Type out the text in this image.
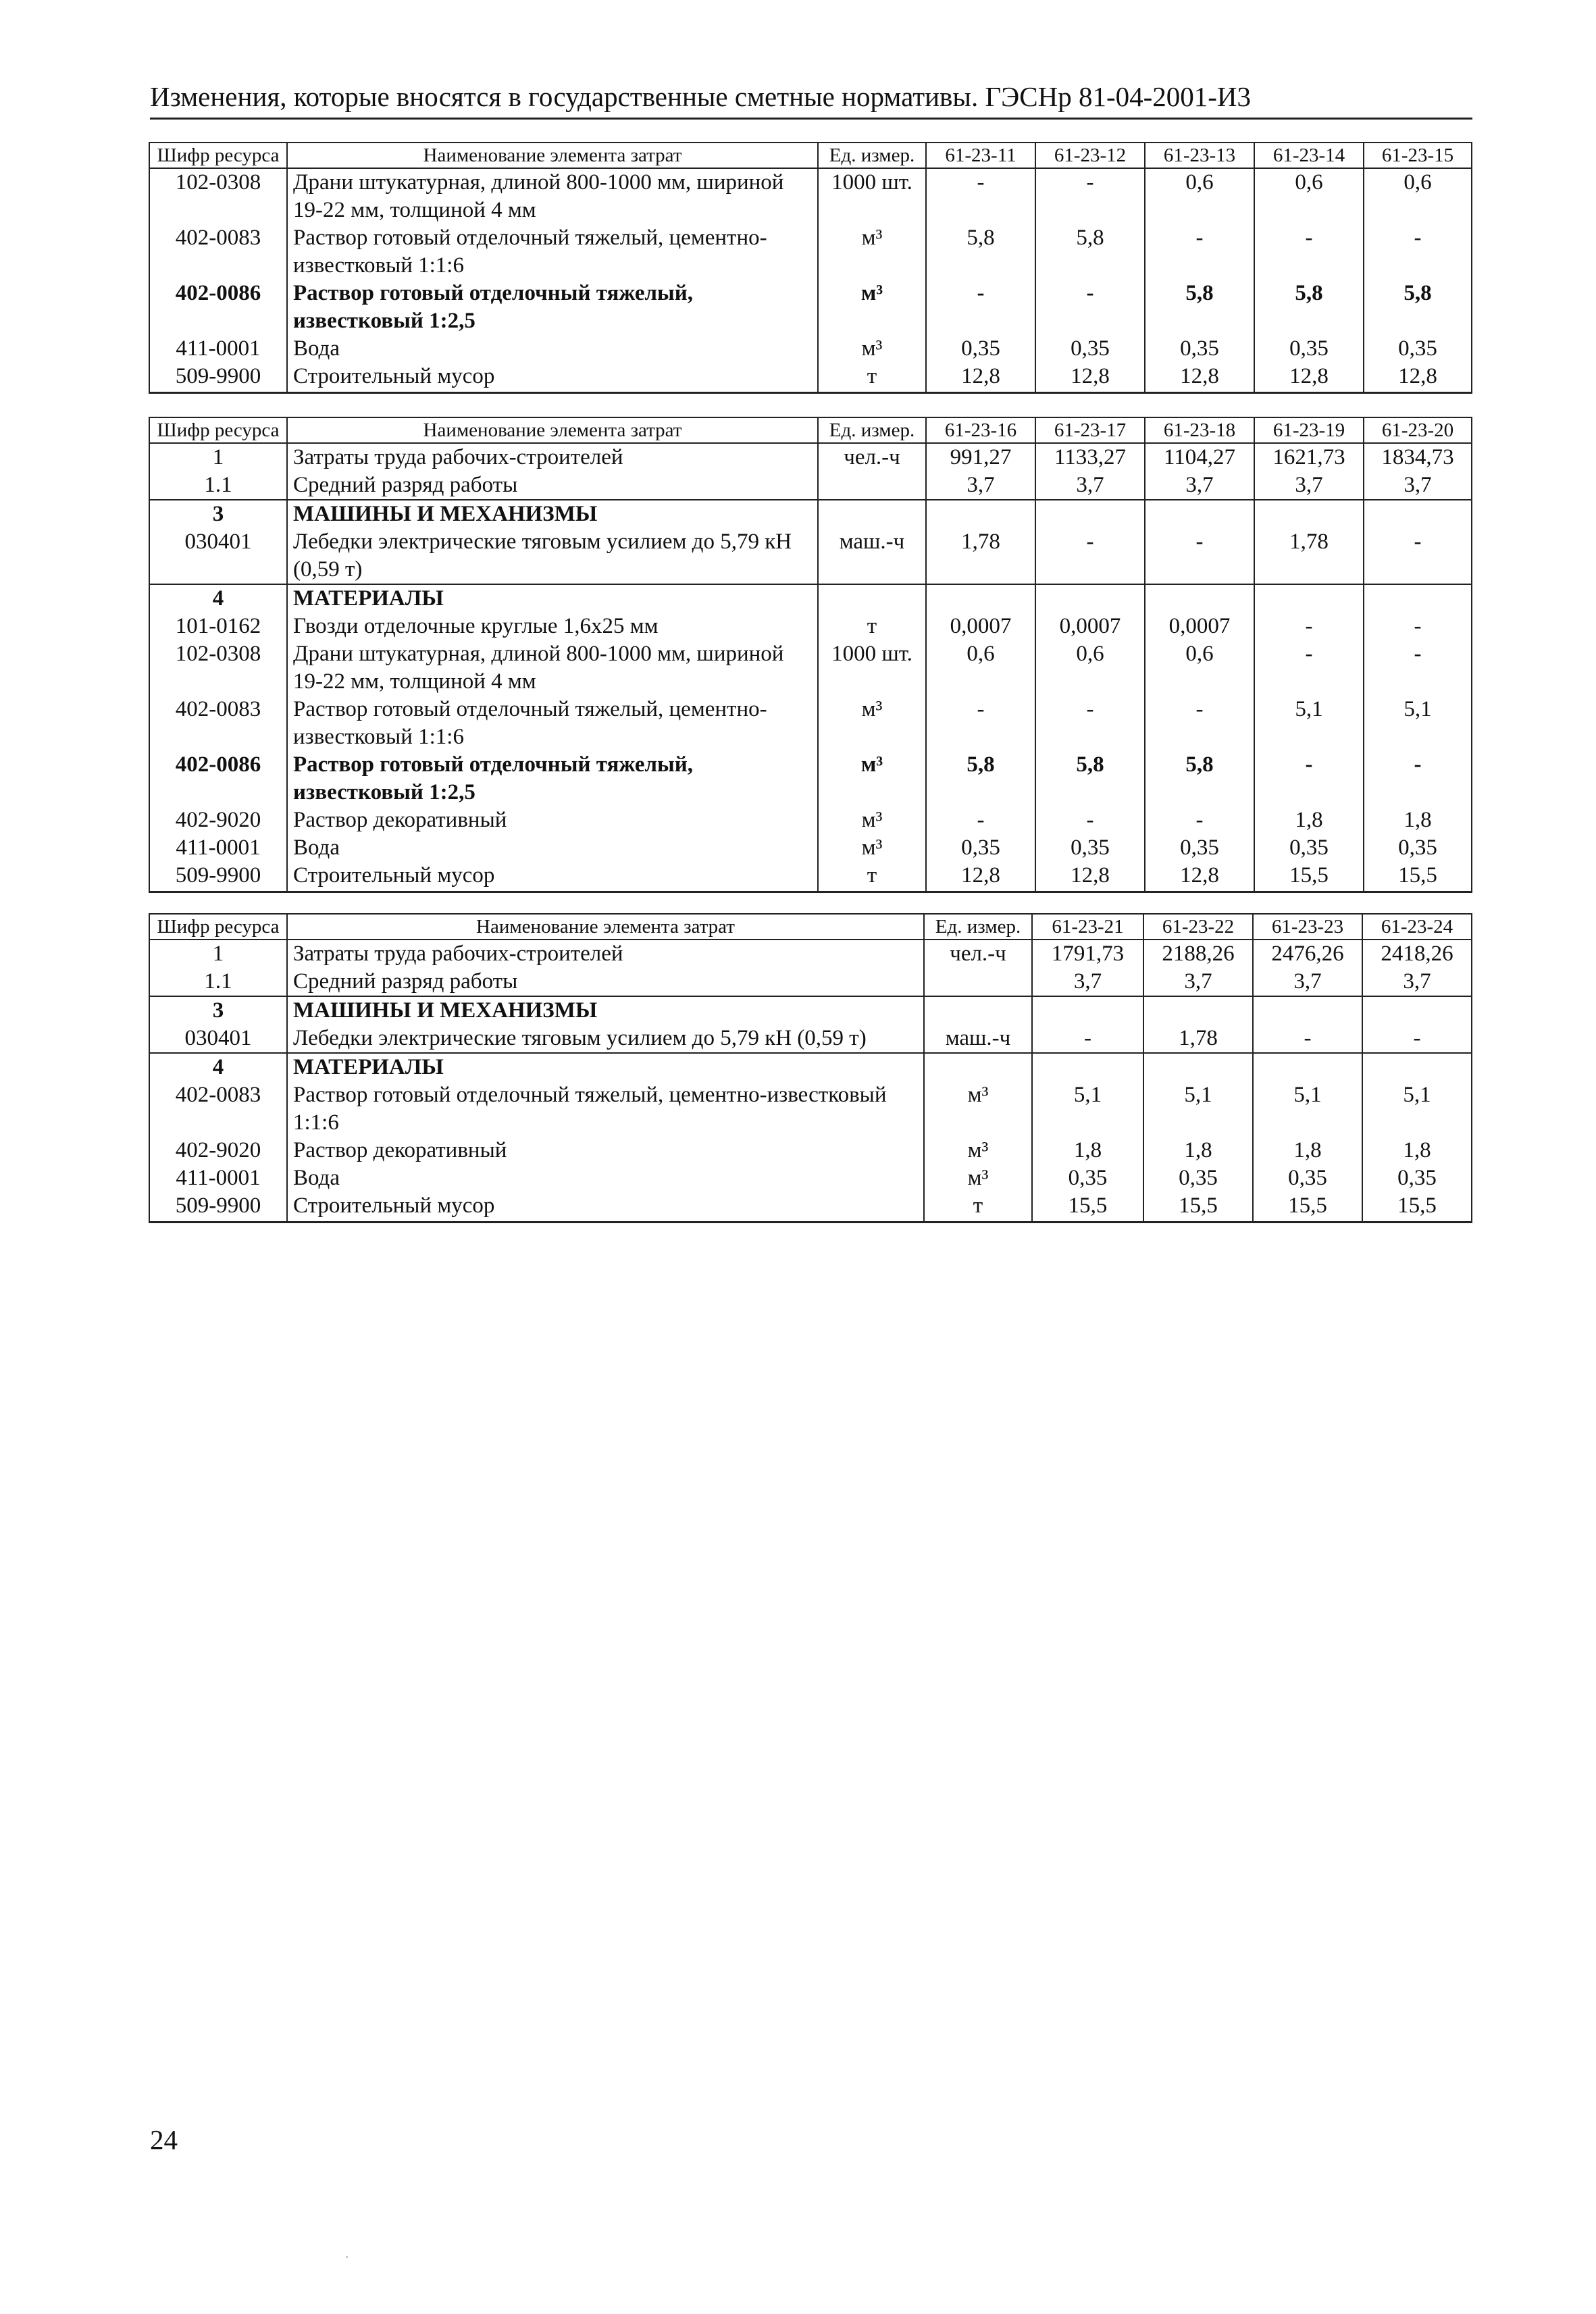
Изменения, которые вносятся в государственные сметные нормативы. ГЭСНр 81-04-2001-И3
Шифр ресурса	Наименование элемента затрат	Ед. измер.	61-23-11	61-23-12	61-23-13	61-23-14	61-23-15
102-0308	Драни штукатурная, длиной 800-1000 мм, шириной 19-22 мм, толщиной 4 мм	1000 шт.	-	-	0,6	0,6	0,6
402-0083	Раствор готовый отделочный тяжелый, цементно-известковый 1:1:6	м³	5,8	5,8	-	-	-
402-0086	Раствор готовый отделочный тяжелый, известковый 1:2,5	м³	-	-	5,8	5,8	5,8
411-0001	Вода	м³	0,35	0,35	0,35	0,35	0,35
509-9900	Строительный мусор	т	12,8	12,8	12,8	12,8	12,8
Шифр ресурса	Наименование элемента затрат	Ед. измер.	61-23-16	61-23-17	61-23-18	61-23-19	61-23-20
1	Затраты труда рабочих-строителей	чел.-ч	991,27	1133,27	1104,27	1621,73	1834,73
1.1	Средний разряд работы		3,7	3,7	3,7	3,7	3,7
3	МАШИНЫ И МЕХАНИЗМЫ						
030401	Лебедки электрические тяговым усилием до 5,79 кН (0,59 т)	маш.-ч	1,78	-	-	1,78	-
4	МАТЕРИАЛЫ						
101-0162	Гвозди отделочные круглые 1,6х25 мм	т	0,0007	0,0007	0,0007	-	-
102-0308	Драни штукатурная, длиной 800-1000 мм, шириной 19-22 мм, толщиной 4 мм	1000 шт.	0,6	0,6	0,6	-	-
402-0083	Раствор готовый отделочный тяжелый, цементно-известковый 1:1:6	м³	-	-	-	5,1	5,1
402-0086	Раствор готовый отделочный тяжелый, известковый 1:2,5	м³	5,8	5,8	5,8	-	-
402-9020	Раствор декоративный	м³	-	-	-	1,8	1,8
411-0001	Вода	м³	0,35	0,35	0,35	0,35	0,35
509-9900	Строительный мусор	т	12,8	12,8	12,8	15,5	15,5
Шифр ресурса	Наименование элемента затрат	Ед. измер.	61-23-21	61-23-22	61-23-23	61-23-24
1	Затраты труда рабочих-строителей	чел.-ч	1791,73	2188,26	2476,26	2418,26
1.1	Средний разряд работы		3,7	3,7	3,7	3,7
3	МАШИНЫ И МЕХАНИЗМЫ					
030401	Лебедки электрические тяговым усилием до 5,79 кН (0,59 т)	маш.-ч	-	1,78	-	-
4	МАТЕРИАЛЫ					
402-0083	Раствор готовый отделочный тяжелый, цементно-известковый 1:1:6	м³	5,1	5,1	5,1	5,1
402-9020	Раствор декоративный	м³	1,8	1,8	1,8	1,8
411-0001	Вода	м³	0,35	0,35	0,35	0,35
509-9900	Строительный мусор	т	15,5	15,5	15,5	15,5
24
